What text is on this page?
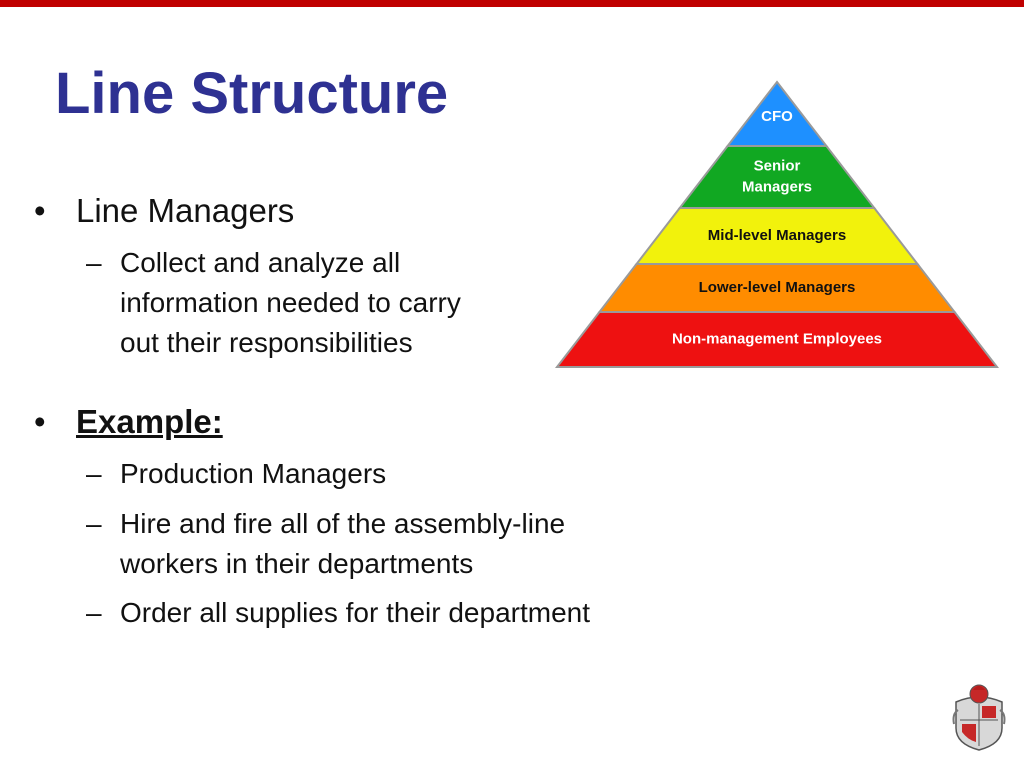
Line Structure
• Line Managers
– Collect and analyze all
information needed to carry
out their responsibilities
• Example:
– Production Managers
– Hire and fire all of the assembly-line
workers in their departments
– Order all supplies for their department
CFO
Senior
Managers
Mid-level Managers
Lower-level Managers
Non-management Employees
